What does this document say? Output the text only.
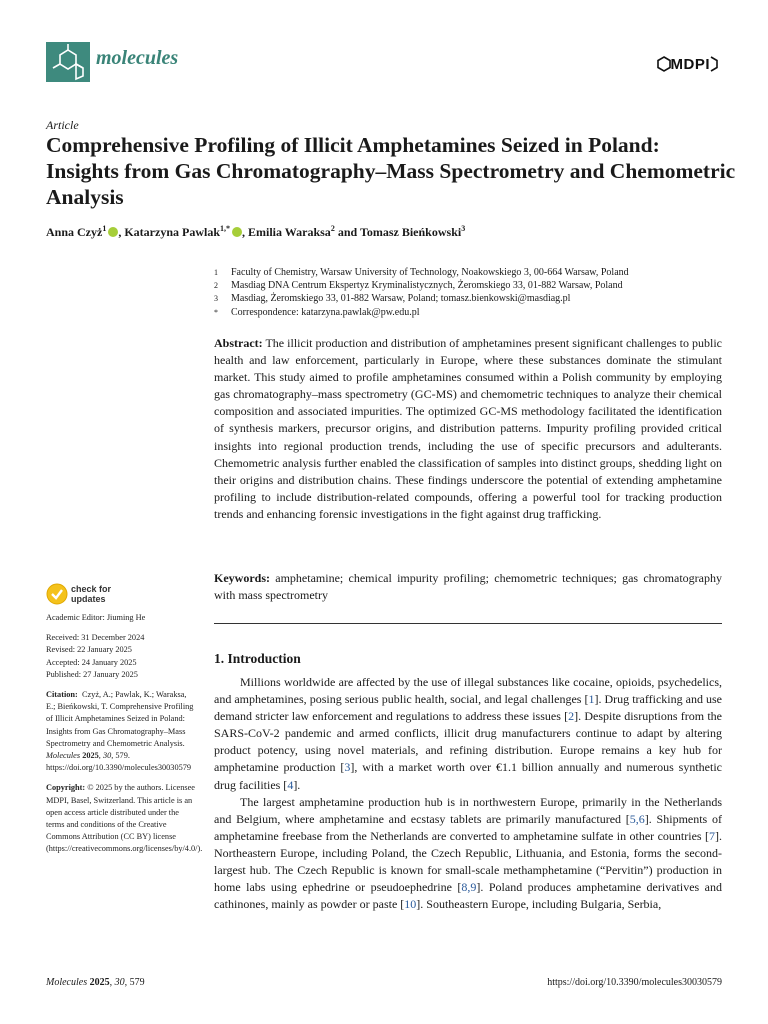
molecules	MDPI
Article
Comprehensive Profiling of Illicit Amphetamines Seized in Poland: Insights from Gas Chromatography–Mass Spectrometry and Chemometric Analysis
Anna Czyż$^1$ , Katarzyna Pawlak$^{1,*}$ , Emilia Waraksa$^2$ and Tomasz Bieńkowski$^3$
1	Faculty of Chemistry, Warsaw University of Technology, Noakowskiego 3, 00-664 Warsaw, Poland
2	Masdiag DNA Centrum Ekspertyz Kryminalistycznych, Żeromskiego 33, 01-882 Warsaw, Poland
3	Masdiag, Żeromskiego 33, 01-882 Warsaw, Poland; tomasz.bienkowski@masdiag.pl
*	Correspondence: katarzyna.pawlak@pw.edu.pl

Abstract: The illicit production and distribution of amphetamines present significant challenges to public health and law enforcement, particularly in Europe, where these substances dominate the stimulant market. This study aimed to profile amphetamines consumed within a Polish community by employing gas chromatography–mass spectrometry (GC-MS) and chemometric techniques to analyze their chemical composition and associated impurities. The optimized GC-MS methodology facilitated the identification of synthesis markers, precursor origins, and distribution patterns. Impurity profiling provided critical insights into regional production trends, including the use of specific precursors and adulterants. Chemometric analysis further enabled the classification of samples into distinct groups, shedding light on their origins and distribution chains. These findings underscore the potential of extending amphetamine profiling to include distribution-related compounds, offering a powerful tool for tracking production trends and enhancing forensic investigations in the fight against drug trafficking.

Keywords: amphetamine; chemical impurity profiling; chemometric techniques; gas chromatography with mass spectrometry

check for
updates
Academic Editor: Jiuming He
Received: 31 December 2024
Revised: 22 January 2025
Accepted: 24 January 2025
Published: 27 January 2025
Citation: Czyż, A.; Pawlak, K.; Waraksa, E.; Bieńkowski, T. Comprehensive Profiling of Illicit Amphetamines Seized in Poland: Insights from Gas Chromatography–Mass Spectrometry and Chemometric Analysis. Molecules 2025, 30, 579.
https://doi.org/10.3390/molecules30030579
Copyright: © 2025 by the authors. Licensee MDPI, Basel, Switzerland. This article is an open access article distributed under the terms and conditions of the Creative Commons Attribution (CC BY) license (https://creativecommons.org/licenses/by/4.0/).
1. Introduction

Millions worldwide are affected by the use of illegal substances like cocaine, opioids, psychedelics, and amphetamines, posing serious public health, social, and legal challenges [1]. Drug trafficking and use demand stricter law enforcement and regulations to address these issues [2]. Despite disruptions from the SARS-CoV-2 pandemic and armed conflicts, illicit drug manufacturers continue to adapt by altering product potency, using novel materials, and refining distribution. Europe remains a key hub for amphetamine production [3], with a market worth over €1.1 billion annually and numerous synthetic drug facilities [4].

The largest amphetamine production hub is in northwestern Europe, primarily in the Netherlands and Belgium, where amphetamine and ecstasy tablets are primarily manufactured [5,6]. Shipments of amphetamine freebase from the Netherlands are converted to amphetamine sulfate in other countries [7]. Northeastern Europe, including Poland, the Czech Republic, Lithuania, and Estonia, forms the second-largest hub. The Czech Republic is known for small-scale methamphetamine (“Pervitin”) production in home labs using ephedrine or pseudoephedrine [8,9]. Poland produces amphetamine derivatives and cathinones, mainly as powder or paste [10]. Southeastern Europe, including Bulgaria, Serbia,

Molecules 2025, 30, 579	https://doi.org/10.3390/molecules30030579
